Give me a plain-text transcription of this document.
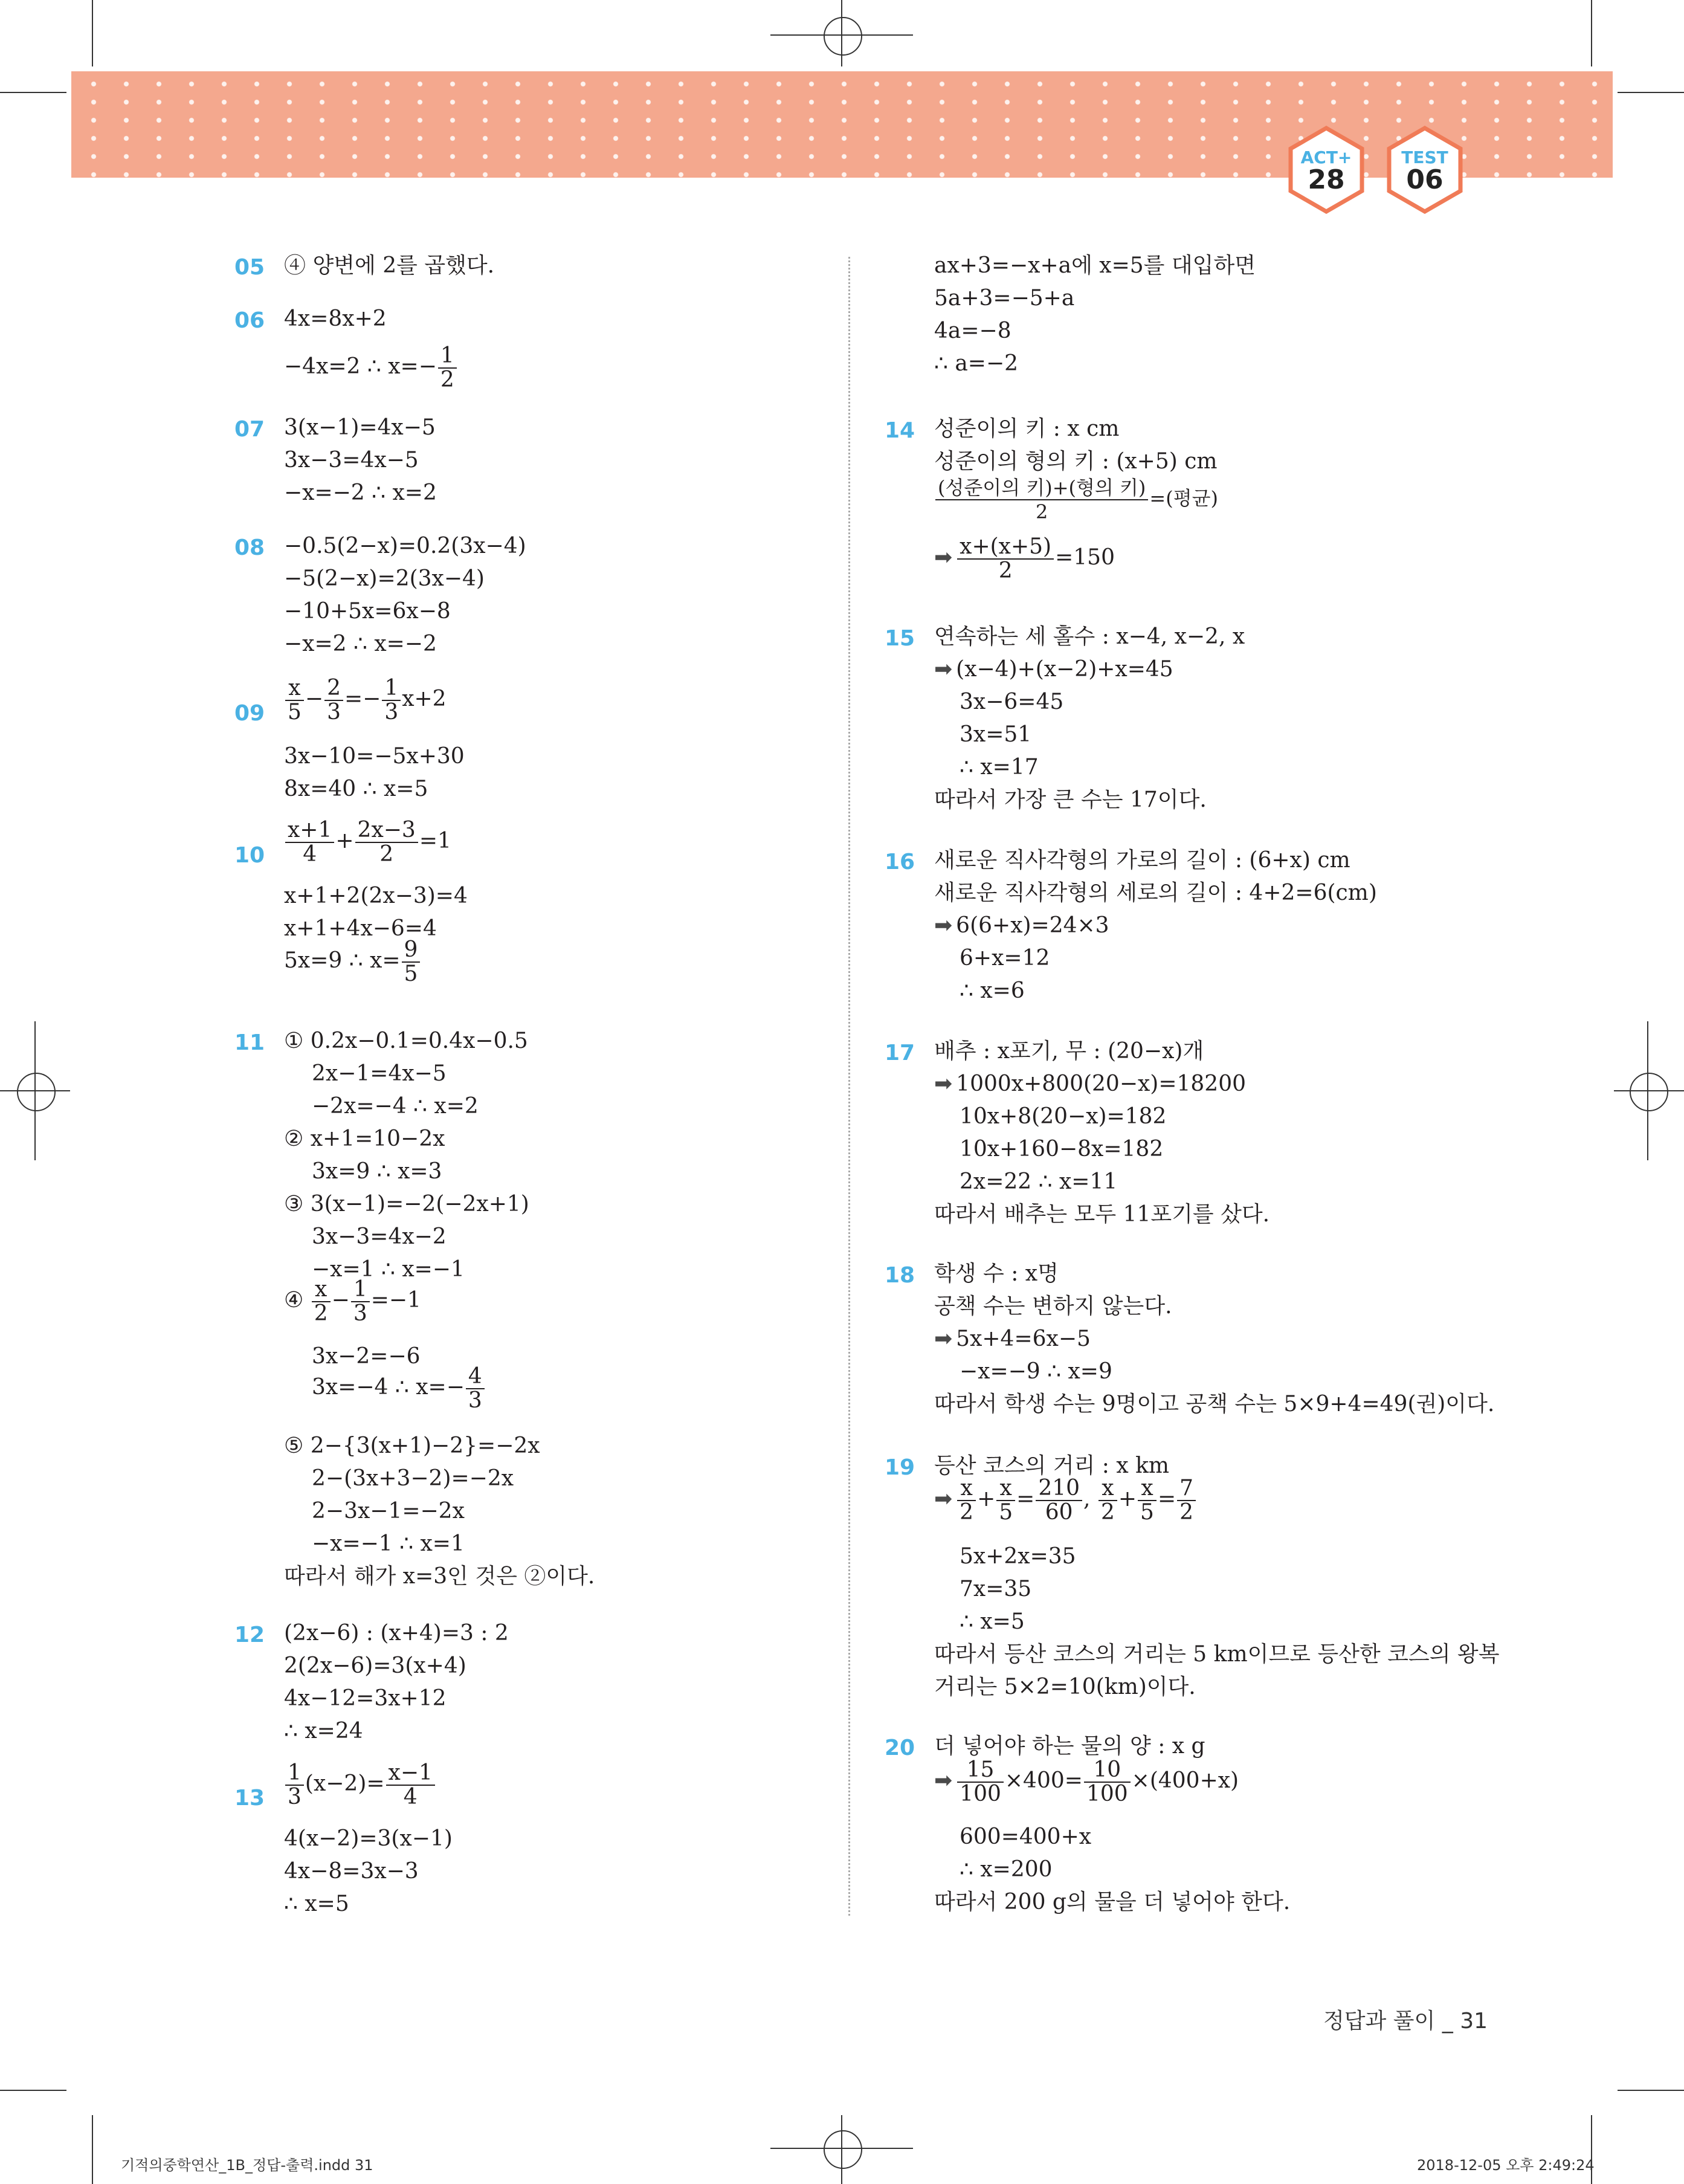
ACT+
28
TEST
06
05 ④ 양변에 2를 곱했다.
06 4x=8x+2
−4x=2 ∴ $x=- \frac{1}{2}$
07 3(x−1)=4x−5
3x−3=4x−5
−x=−2 ∴ x=2
08 −0.5(2−x)=0.2(3x−4)
−5(2−x)=2(3x−4)
−10+5x=6x−8
−x=2 ∴ x=−2
$09 \frac{x}{5} - \frac{2}{3} =- \frac{1}{3} x+2$
3x−10=−5x+30
8x=40 ∴ x=5
$10 \frac{x+1}{4} + \frac{2x-3}{2} =1$
x+1+2(2x−3)=4
x+1+4x−6=4
5x=9 ∴ $x= \frac{9}{5}$
11 ① 0.2x−0.1=0.4x−0.5
2x−1=4x−5
−2x=−4 ∴ x=2
② x+1=10−2x
3x=9 ∴ x=3
③ 3(x−1)=−2(−2x+1)
3x−3=4x−2
−x=1 ∴ x=−1
④ $\frac{x}{2} - \frac{1}{3} =-1$
3x−2=−6
3x=−4 ∴ $x=- \frac{4}{3}$
⑤ 2−{3(x+1)−2}=−2x
2−(3x+3−2)=−2x
2−3x−1=−2x
−x=−1 ∴ x=1
따라서 해가 x=3인 것은 ②이다.
12 (2x−6) : (x+4)=3 : 2
2(2x−6)=3(x+4)
4x−12=3x+12
∴ x=24
$13 \frac{1}{3} (x-2)= \frac{x-1}{4}$
4(x−2)=3(x−1)
4x−8=3x−3
∴ x=5
ax+3=−x+a에 x=5를 대입하면
5a+3=−5+a
4a=−8
∴ a=−2
14 성준이의 키 : x cm
성준이의 형의 키 : (x+5) cm
$\frac{\text{(성준이의 키)+(형의 키)}}{2}$ =(평균)
➡ $\frac{x+(x+5)}{2} =150$
15 연속하는 세 홀수 : x−4, x−2, x
➡ (x−4)+(x−2)+x=45
3x−6=45
3x=51
∴ x=17
따라서 가장 큰 수는 17이다.
16 새로운 직사각형의 가로의 길이 : (6+x) cm
새로운 직사각형의 세로의 길이 : 4+2=6(cm)
➡ 6(6+x)=24×3
6+x=12
∴ x=6
17 배추 : x포기, 무 : (20−x)개
➡ 1000x+800(20−x)=18200
10x+8(20−x)=182
10x+160−8x=182
2x=22 ∴ x=11
따라서 배추는 모두 11포기를 샀다.
18 학생 수 : x명
공책 수는 변하지 않는다.
➡ 5x+4=6x−5
−x=−9 ∴ x=9
따라서 학생 수는 9명이고 공책 수는 5×9+4=49(권)이다.
19 등산 코스의 거리 : x km
➡ $\frac{x}{2} + \frac{x}{5} = \frac{210}{60}$ , $\frac{x}{2} + \frac{x}{5} = \frac{7}{2}$
5x+2x=35
7x=35
∴ x=5
따라서 등산 코스의 거리는 5 km이므로 등산한 코스의 왕복
거리는 5×2=10(km)이다.
20 더 넣어야 하는 물의 양 : x g
➡ $\frac{15}{100} \times 400= \frac{10}{100} \times(400+x)$
600=400+x
∴ x=200
따라서 200 g의 물을 더 넣어야 한다.
정답과 풀이 _ 31
기적의중학연산_1B_정답-출력.indd 31	2018-12-05 오후 2:49:24
